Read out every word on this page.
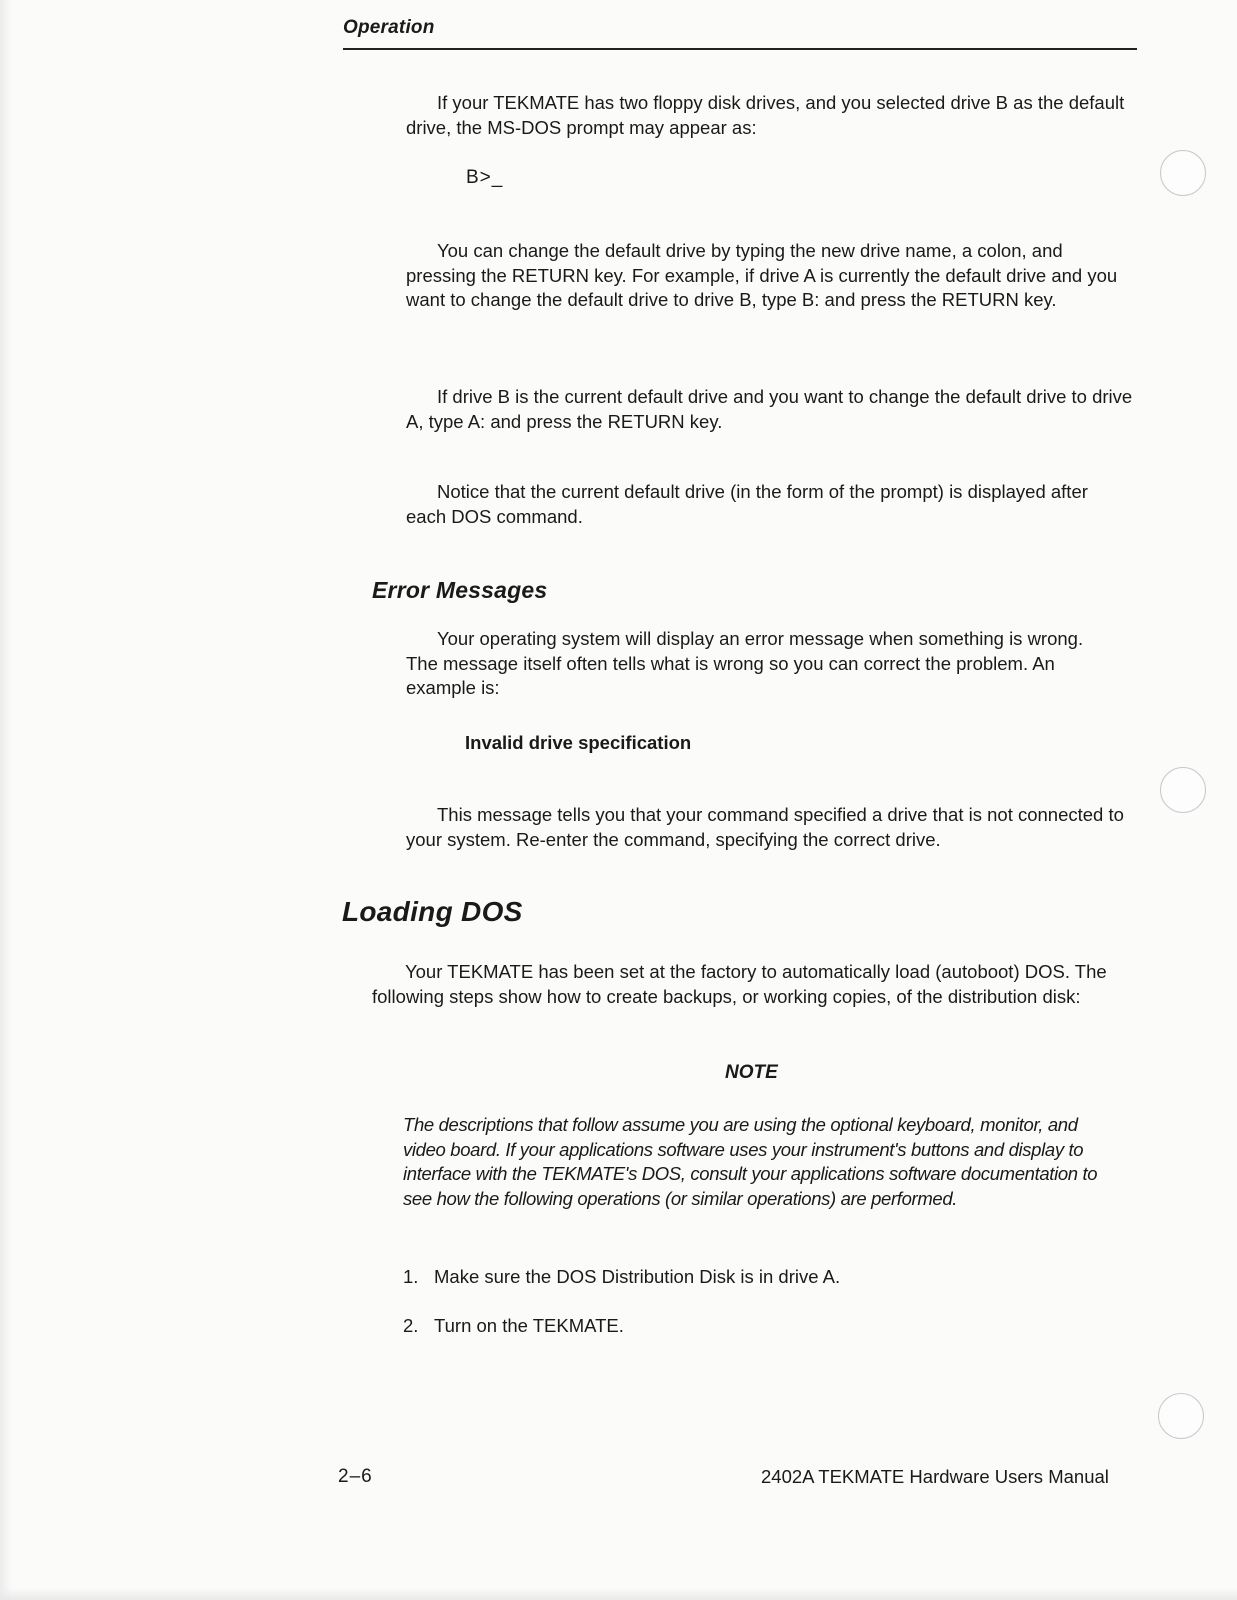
Operation

If your TEKMATE has two floppy disk drives, and you selected drive B as the default drive, the MS-DOS prompt may appear as:

B>_

You can change the default drive by typing the new drive name, a colon, and pressing the RETURN key. For example, if drive A is currently the default drive and you want to change the default drive to drive B, type B: and press the RETURN key.

If drive B is the current default drive and you want to change the default drive to drive A, type A: and press the RETURN key.

Notice that the current default drive (in the form of the prompt) is displayed after each DOS command.

Error Messages

Your operating system will display an error message when something is wrong. The message itself often tells what is wrong so you can correct the problem. An example is:

Invalid drive specification

This message tells you that your command specified a drive that is not connected to your system. Re-enter the command, specifying the correct drive.

Loading DOS

Your TEKMATE has been set at the factory to automatically load (autoboot) DOS. The following steps show how to create backups, or working copies, of the distribution disk:

NOTE

The descriptions that follow assume you are using the optional keyboard, monitor, and video board. If your applications software uses your instrument's buttons and display to interface with the TEKMATE's DOS, consult your applications software documentation to see how the following operations (or similar operations) are performed.

1. Make sure the DOS Distribution Disk is in drive A.
2. Turn on the TEKMATE.
2–6	2402A TEKMATE Hardware Users Manual
